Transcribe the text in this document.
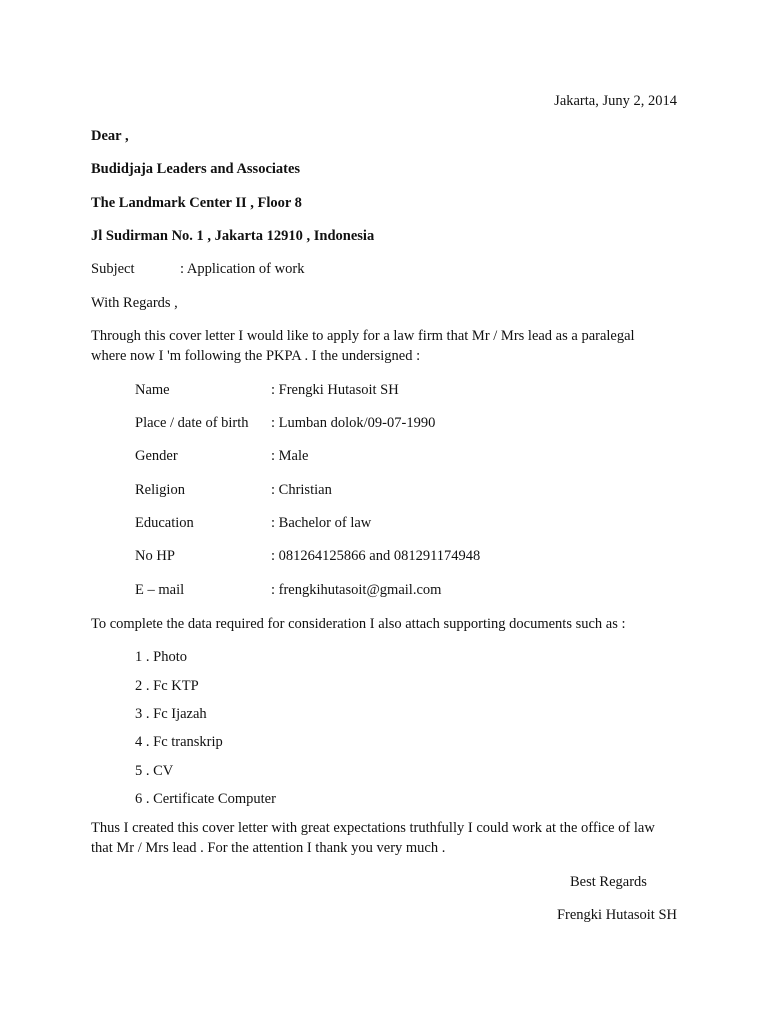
Jakarta, Juny 2, 2014
Dear ,
Budidjaja Leaders and Associates
The Landmark Center II , Floor 8
Jl Sudirman No. 1 , Jakarta 12910 , Indonesia
Subject	: Application of work
With Regards ,
Through this cover letter I would like to apply for a law firm that Mr / Mrs lead as a paralegal
where now I 'm following the PKPA . I the undersigned :
Name	: Frengki Hutasoit SH
Place / date of birth : Lumban dolok/09-07-1990
Gender	: Male
Religion	: Christian
Education	: Bachelor of law
No HP	: 081264125866 and 081291174948
E – mail	: frengkihutasoit@gmail.com
To complete the data required for consideration I also attach supporting documents such as :
1 . Photo
2 . Fc KTP
3 . Fc Ijazah
4 . Fc transkrip
5 . CV
6 . Certificate Computer
Thus I created this cover letter with great expectations truthfully I could work at the office of law
that Mr / Mrs lead . For the attention I thank you very much .
Best Regards
Frengki Hutasoit SH
